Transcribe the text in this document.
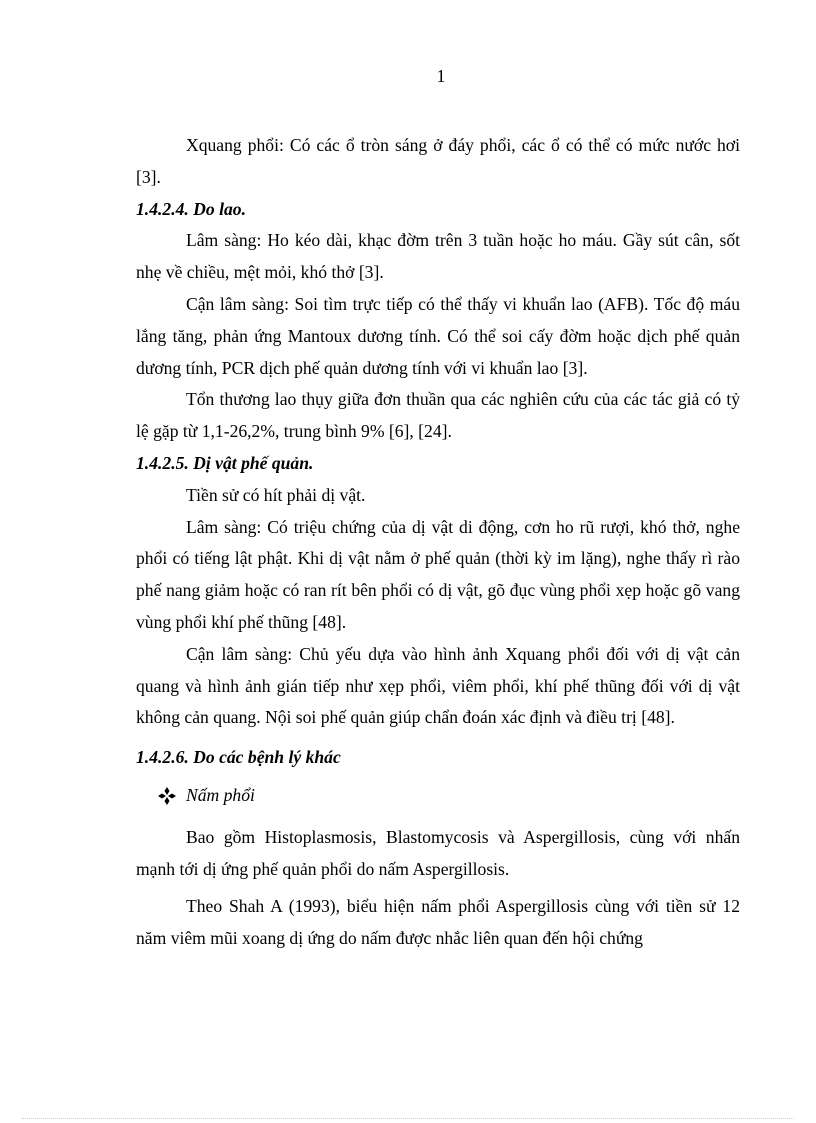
1

Xquang phổi: Có các ổ tròn sáng ở đáy phổi, các ổ có thể có mức nước hơi [3].

1.4.2.4. Do lao.

Lâm sàng: Ho kéo dài, khạc đờm trên 3 tuần hoặc ho máu. Gầy sút cân, sốt nhẹ về chiều, mệt mỏi, khó thở [3].

Cận lâm sàng: Soi tìm trực tiếp có thể thấy vi khuẩn lao (AFB). Tốc độ máu lắng tăng, phản ứng Mantoux dương tính. Có thể soi cấy đờm hoặc dịch phế quản dương tính, PCR dịch phế quản dương tính với vi khuẩn lao [3].

Tổn thương lao thụy giữa đơn thuần qua các nghiên cứu của các tác giả có tỷ lệ gặp từ 1,1-26,2%, trung bình 9% [6], [24].

1.4.2.5. Dị vật phế quản.

Tiền sử có hít phải dị vật.

Lâm sàng: Có triệu chứng của dị vật di động, cơn ho rũ rượi, khó thở, nghe phổi có tiếng lật phật. Khi dị vật nằm ở phế quản (thời kỳ im lặng), nghe thấy rì rào phế nang giảm hoặc có ran rít bên phổi có dị vật, gõ đục vùng phổi xẹp hoặc gõ vang vùng phổi khí phế thũng [48].

Cận lâm sàng: Chủ yếu dựa vào hình ảnh Xquang phổi đối với dị vật cản quang và hình ảnh gián tiếp như xẹp phổi, viêm phổi, khí phế thũng đối với dị vật không cản quang. Nội soi phế quản giúp chẩn đoán xác định và điều trị [48].

1.4.2.6. Do các bệnh lý khác

Nấm phổi

Bao gồm Histoplasmosis, Blastomycosis và Aspergillosis, cùng với nhấn mạnh tới dị ứng phế quản phổi do nấm Aspergillosis.

Theo Shah A (1993), biểu hiện nấm phổi Aspergillosis cùng với tiền sử 12 năm viêm mũi xoang dị ứng do nấm được nhắc liên quan đến hội chứng
